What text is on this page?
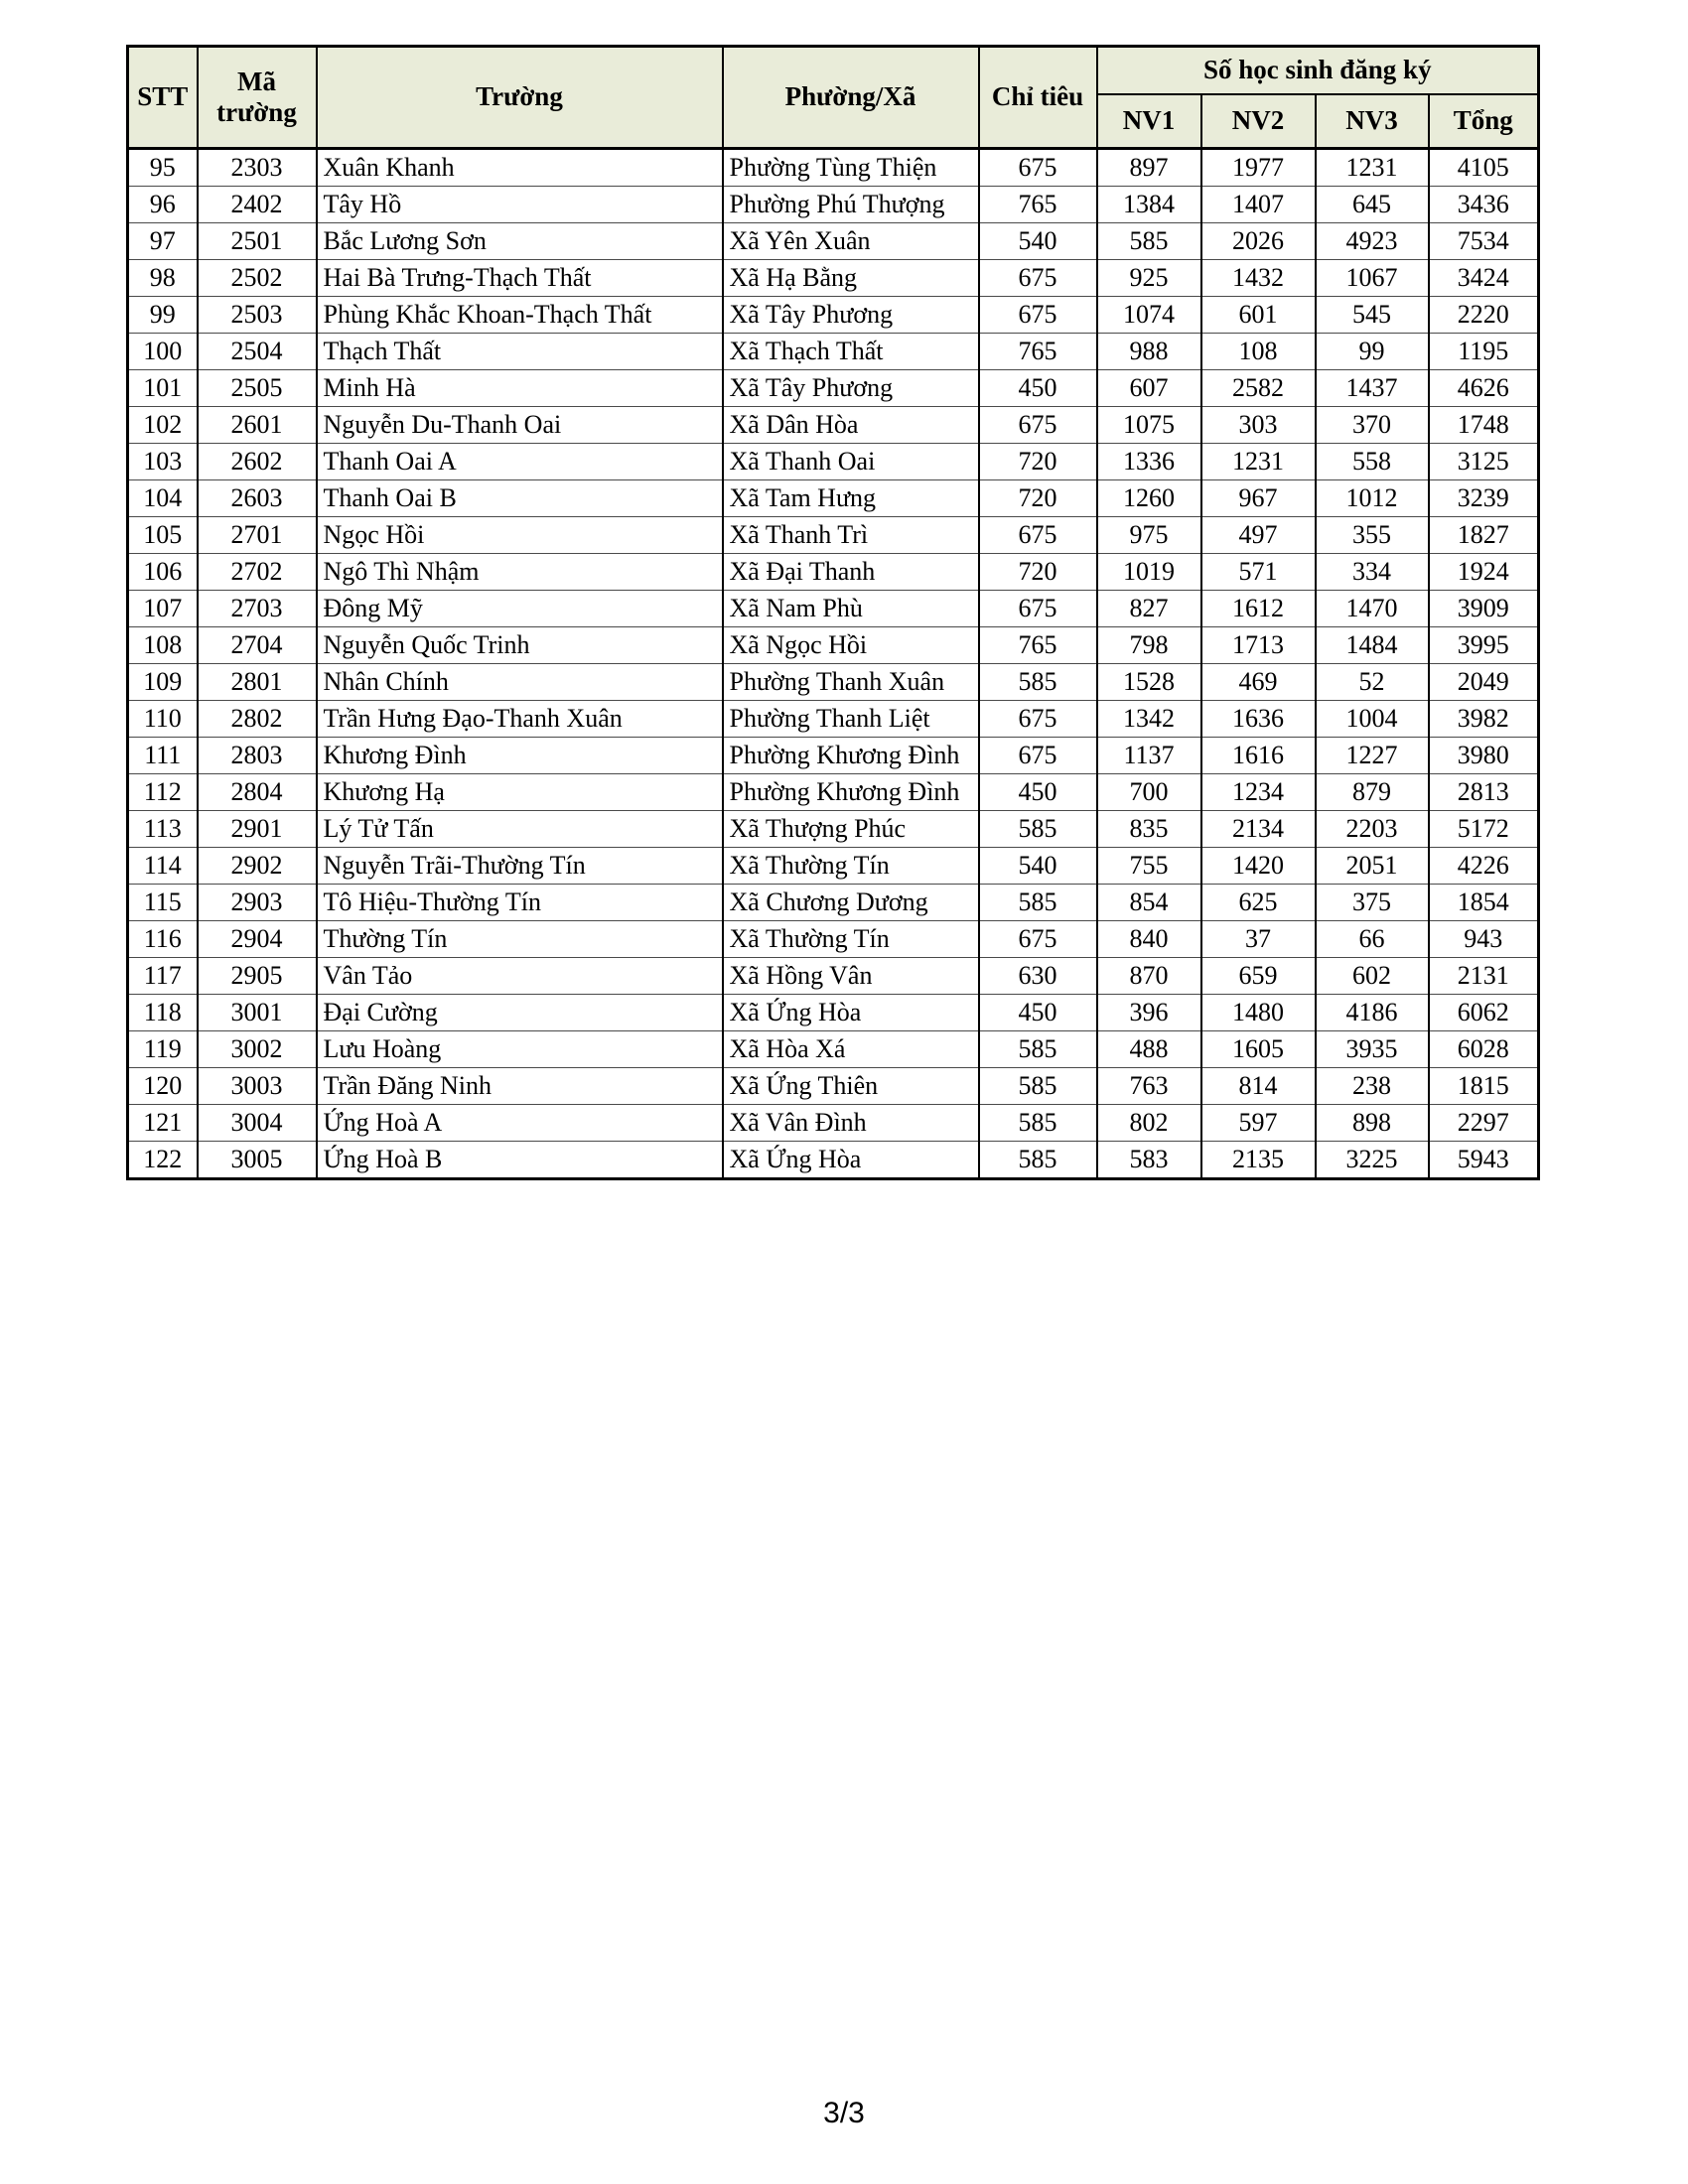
STT	Mã trường	Trường	Phường/Xã	Chỉ tiêu	Số học sinh đăng ký			
					NV1	NV2	NV3	Tổng
95	2303	Xuân Khanh	Phường Tùng Thiện	675	897	1977	1231	4105
96	2402	Tây Hồ	Phường Phú Thượng	765	1384	1407	645	3436
97	2501	Bắc Lương Sơn	Xã Yên Xuân	540	585	2026	4923	7534
98	2502	Hai Bà Trưng-Thạch Thất	Xã Hạ Bằng	675	925	1432	1067	3424
99	2503	Phùng Khắc Khoan-Thạch Thất	Xã Tây Phương	675	1074	601	545	2220
100	2504	Thạch Thất	Xã Thạch Thất	765	988	108	99	1195
101	2505	Minh Hà	Xã Tây Phương	450	607	2582	1437	4626
102	2601	Nguyễn Du-Thanh Oai	Xã Dân Hòa	675	1075	303	370	1748
103	2602	Thanh Oai A	Xã Thanh Oai	720	1336	1231	558	3125
104	2603	Thanh Oai B	Xã Tam Hưng	720	1260	967	1012	3239
105	2701	Ngọc Hồi	Xã Thanh Trì	675	975	497	355	1827
106	2702	Ngô Thì Nhậm	Xã Đại Thanh	720	1019	571	334	1924
107	2703	Đông Mỹ	Xã Nam Phù	675	827	1612	1470	3909
108	2704	Nguyễn Quốc Trinh	Xã Ngọc Hồi	765	798	1713	1484	3995
109	2801	Nhân Chính	Phường Thanh Xuân	585	1528	469	52	2049
110	2802	Trần Hưng Đạo-Thanh Xuân	Phường Thanh Liệt	675	1342	1636	1004	3982
111	2803	Khương Đình	Phường Khương Đình	675	1137	1616	1227	3980
112	2804	Khương Hạ	Phường Khương Đình	450	700	1234	879	2813
113	2901	Lý Tử Tấn	Xã Thượng Phúc	585	835	2134	2203	5172
114	2902	Nguyễn Trãi-Thường Tín	Xã Thường Tín	540	755	1420	2051	4226
115	2903	Tô Hiệu-Thường Tín	Xã Chương Dương	585	854	625	375	1854
116	2904	Thường Tín	Xã Thường Tín	675	840	37	66	943
117	2905	Vân Tảo	Xã Hồng Vân	630	870	659	602	2131
118	3001	Đại Cường	Xã Ứng Hòa	450	396	1480	4186	6062
119	3002	Lưu Hoàng	Xã Hòa Xá	585	488	1605	3935	6028
120	3003	Trần Đăng Ninh	Xã Ứng Thiên	585	763	814	238	1815
121	3004	Ứng Hoà A	Xã Vân Đình	585	802	597	898	2297
122	3005	Ứng Hoà B	Xã Ứng Hòa	585	583	2135	3225	5943
3/3
